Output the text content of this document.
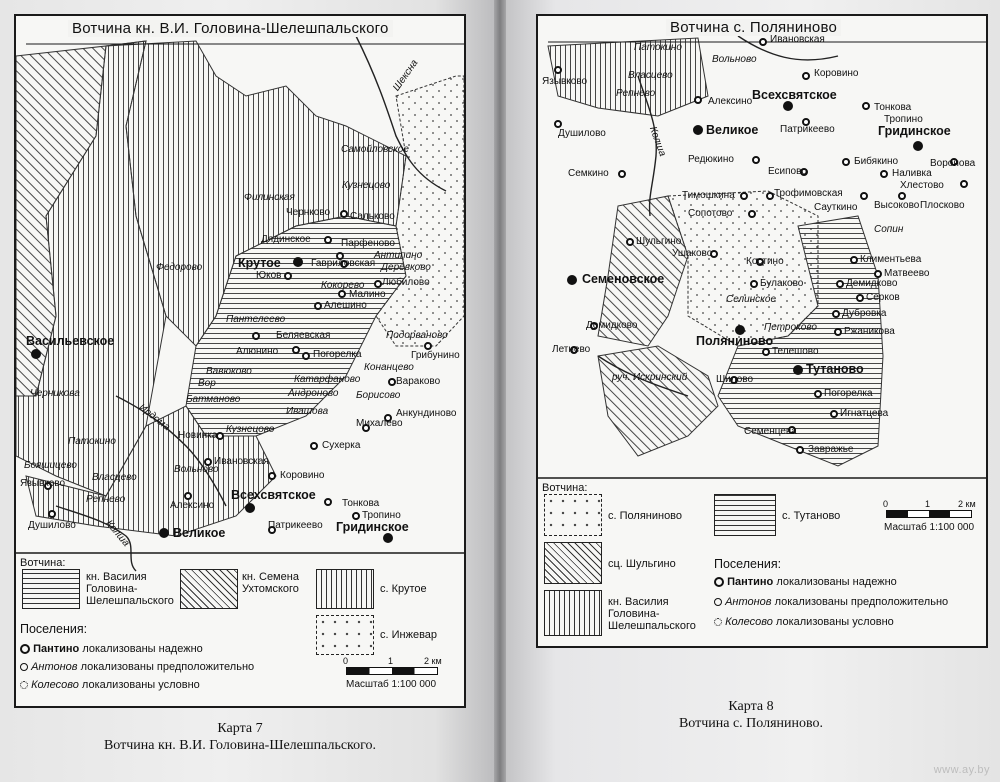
Вотчина кн. В.И. Головина-Шелешпальского
Васильевское
Крутое
Всехсвятское
Великое	Гридинское
Чернково Сальково
Дядинское	Парфеново
Гавриловская
Юков
Малино
Алешино
Беляевская
Алюнино	Погорелка
Михалево
Вараково
Анкундиново
Грибунино
Любилово
Новинка
Ивановская
Сухерка
Коровино
Алексино	Тонкова
Тропино
Патрикеево
Язывково
Душилово
Самойловское
Кузнецово
Филинская
Федорово
Антипино
Деревково
Кокорево
Подорваново
Пантелеево
Вавюково
Вор	Катарфаново
Андроново
Батманово
Ивашова
Кузнецово
Конанцево
Борисово
Черникова
Патокино
Бояшицево
Власцево
Вольново
Репнево
Шексна
Ирдома
Колша
Вотчина:
кн. Василия Головина-Шелешпальского
кн. Семена Ухтомского	с. Крутое
с. Инжевар
Поселения:
Пантино локализованы надежно
Антонов локализованы предположительно
Колесово локализованы условно
0	1	2 км
Масштаб 1:100 000
Карта 7
Вотчина кн. В.И. Головина-Шелешпальского.
Вотчина с. Поляниново
Всехсвятское
Великое	Гридинское
Семеновское
Поляниново
Тутаново
Ивановская
Коровино
Алексино
Тонкова
Тропино
Патрикеево
Душилово
Язывково
Редюкино
Семкино	Есипово
Бибякино	Воронова
Наливка
Хлестово
Тимошкина	Трофимовская
Высоково Плосково
Сауткино
Сопотово
Шульгино
Ушаково
Климентьева
Костино
Матвеево
Булаково	Демидково
Серков
Демидково
Дубровка
Ржаникова
Летнево	Телешово
Шилово
Погорелка
Игнатцева
Семенцева
Завражье
Патокино
Власцево
Вольново
Репнево
Селинское
Петроково
Сопин
Колша
руч. Искринский
Вотчина:
с. Поляниново	с. Тутаново
сц. Шульгино
кн. Василия Головина-Шелешпальского
Поселения:
Пантино локализованы надежно
Антонов локализованы предположительно
Колесово локализованы условно
0	1	2 км
Масштаб 1:100 000
Карта 8
Вотчина с. Поляниново.
www.ay.by
